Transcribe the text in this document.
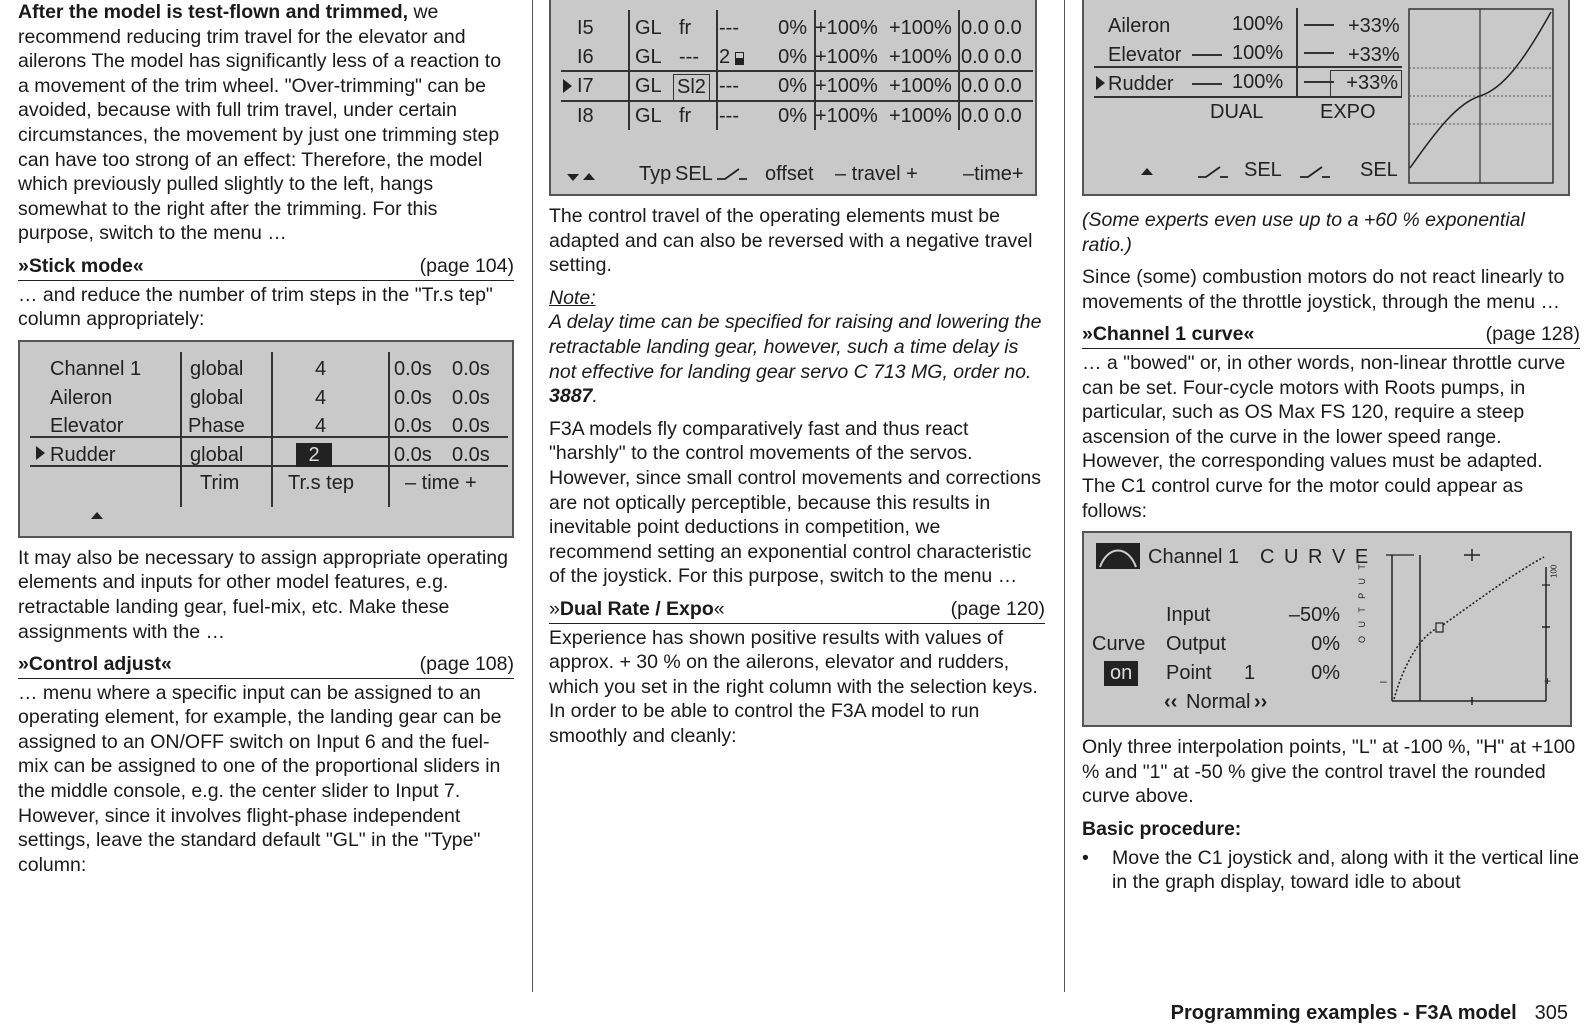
After the model is test-flown and trimmed, we recommend reducing trim travel for the elevator and ailerons The model has significantly less of a reaction to a movement of the trim wheel. "Over-trimming" can be avoided, because with full trim travel, under certain circumstances, the movement by just one trimming step can have too strong of an effect: Therefore, the model which previously pulled slightly to the left, hangs somewhat to the right after the trimming. For this purpose, switch to the menu …

»Stick mode«	(page 104)

… and reduce the number of trim steps in the "Tr.s tep" column appropriately:

Channel 1 global	4	0.0s 0.0s
Aileron	global	4	0.0s 0.0s
Elevator	Phase	4	0.0s 0.0s
Rudder	global	2	0.0s 0.0s
Trim Tr.s tep	– time +

It may also be necessary to assign appropriate operating elements and inputs for other model features, e.g. retractable landing gear, fuel-mix, etc. Make these assignments with the …

»Control adjust«	(page 108)

… menu where a specific input can be assigned to an operating element, for example, the landing gear can be assigned to an ON/OFF switch on Input 6 and the fuel-mix can be assigned to one of the proportional sliders in the middle console, e.g. the center slider to Input 7. However, since it involves flight-phase independent settings, leave the standard default "GL" in the "Type" column:

I5 GL fr ---	0% +100% +100% 0.0 0.0
I6 GL --- 2	0% +100% +100% 0.0 0.0
I7 GL Sl2 ---	0% +100% +100% 0.0 0.0
I8 GL fr ---	0% +100% +100% 0.0 0.0
Typ SEL	offset – travel + –time+

The control travel of the operating elements must be adapted and can also be reversed with a negative travel setting.

Note:

A delay time can be specified for raising and lowering the retractable landing gear, however, such a time delay is not effective for landing gear servo C 713 MG, order no. 3887.

F3A models fly comparatively fast and thus react "harshly" to the control movements of the servos. However, since small control movements and corrections are not optically perceptible, because this results in inevitable point deductions in competition, we recommend setting an exponential control characteristic of the joystick. For this purpose, switch to the menu …

»Dual Rate / Expo«	(page 120)

Experience has shown positive results with values of approx. + 30 % on the ailerons, elevator and rudders, which you set in the right column with the selection keys. In order to be able to control the F3A model to run smoothly and cleanly:

Aileron	100%	+33%
Elevator	100%	+33%
Rudder	100%	+33%
DUAL	EXPO
SEL	SEL

(Some experts even use up to a +60 % exponential ratio.)

Since (some) combustion motors do not react linearly to movements of the throttle joystick, through the menu …

»Channel 1 curve«	(page 128)

… a "bowed" or, in other words, non-linear throttle curve can be set. Four-cycle motors with Roots pumps, in particular, such as OS Max FS 120, require a steep ascension of the curve in the lower speed range. However, the corresponding values must be adapted. The C1 control curve for the motor could appear as follows:

Channel 1 C U R V E
Input	–50%
Curve Output	0%
on	Point 1	0%
‹‹ Normal ››
O U T P U T	100
–	+

Only three interpolation points, "L" at -100 %, "H" at +100 % and "1" at -50 % give the control travel the rounded curve above.

Basic procedure:

•	Move the C1 joystick and, along with it the vertical line in the graph display, toward idle to about
Programming examples - F3A model 305
